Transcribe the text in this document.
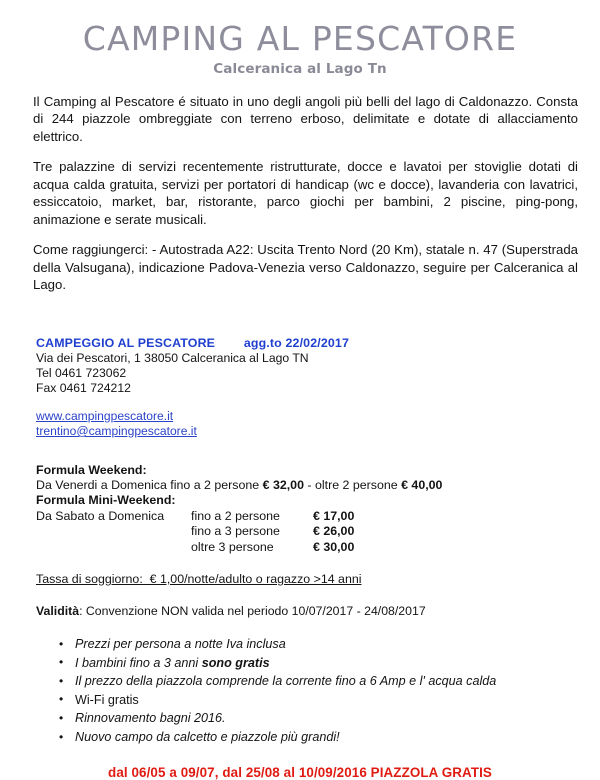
CAMPING AL PESCATORE
Calceranica al Lago Tn

Il Camping al Pescatore é situato in uno degli angoli più belli del lago di Caldonazzo. Consta di 244 piazzole ombreggiate con terreno erboso, delimitate e dotate di allacciamento elettrico.

Tre palazzine di servizi recentemente ristrutturate, docce e lavatoi per stoviglie dotati di acqua calda gratuita, servizi per portatori di handicap (wc e docce), lavanderia con lavatrici, essiccatoio, market, bar, ristorante, parco giochi per bambini, 2 piscine, ping-pong, animazione e serate musicali.

Come raggiungerci: - Autostrada A22: Uscita Trento Nord (20 Km), statale n. 47 (Superstrada della Valsugana), indicazione Padova-Venezia verso Caldonazzo, seguire per Calceranica al Lago.

CAMPEGGIO AL PESCATORE        agg.to 22/02/2017
Via dei Pescatori, 1 38050 Calceranica al Lago TN
Tel 0461 723062
Fax 0461 724212
www.campingpescatore.it
trentino@campingpescatore.it
Formula Weekend:
Da Venerdi a Domenica fino a 2 persone € 32,00 - oltre 2 persone € 40,00
Formula Mini-Weekend:
Da Sabato a Domenica	fino a 2 persone	€ 17,00
	fino a 3 persone	€ 26,00
	oltre 3 persone	€ 30,00
Tassa di soggiorno:  € 1,00/notte/adulto o ragazzo >14 anni
Validità: Convenzione NON valida nel periodo 10/07/2017 - 24/08/2017
• Prezzi per persona a notte Iva inclusa
• I bambini fino a 3 anni sono gratis
• Il prezzo della piazzola comprende la corrente fino a 6 Amp e l' acqua calda
• Wi-Fi gratis
• Rinnovamento bagni 2016.
• Nuovo campo da calcetto e piazzole più grandi!
dal 06/05 a 09/07, dal 25/08 al 10/09/2016 PIAZZOLA GRATIS
